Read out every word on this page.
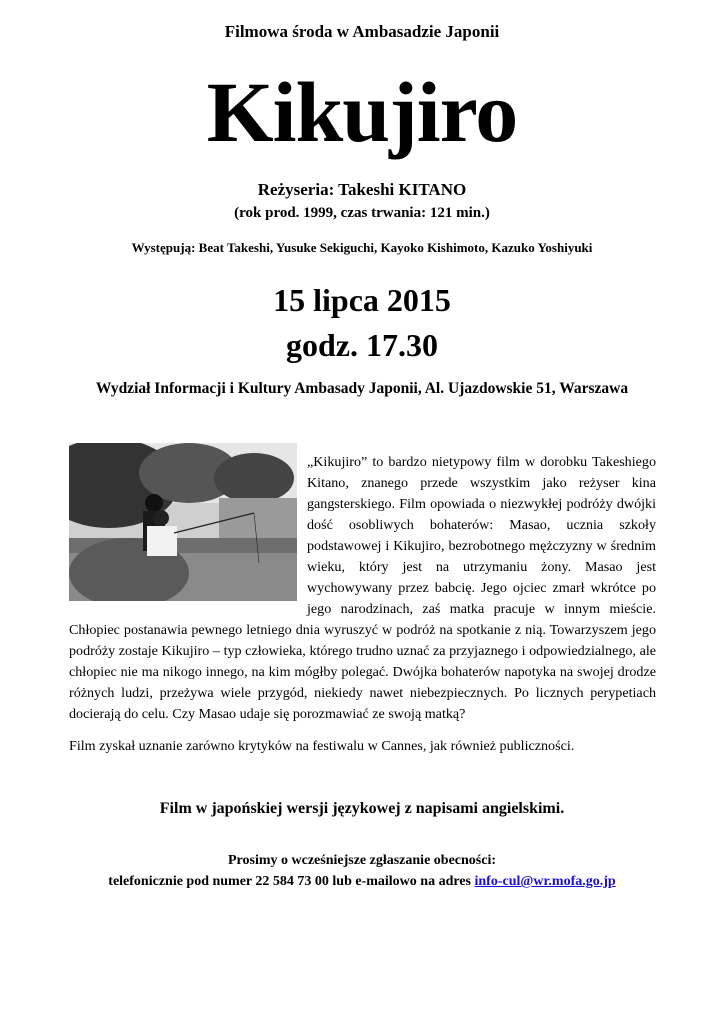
Filmowa środa w Ambasadzie Japonii
Kikujiro
Reżyseria: Takeshi KITANO
(rok prod. 1999, czas trwania: 121 min.)
Występują: Beat Takeshi, Yusuke Sekiguchi, Kayoko Kishimoto, Kazuko Yoshiyuki
15 lipca 2015
godz. 17.30
Wydział Informacji i Kultury Ambasady Japonii, Al. Ujazdowskie 51, Warszawa
„Kikujiro” to bardzo nietypowy film w dorobku Takeshiego Kitano, znanego przede wszystkim jako reżyser kina gangsterskiego. Film opowiada o niezwykłej podróży dwójki dość osobliwych bohaterów: Masao, ucznia szkoły podstawowej i Kikujiro, bezrobotnego mężczyzny w średnim wieku, który jest na utrzymaniu żony. Masao jest wychowywany przez babcię. Jego ojciec zmarł wkrótce po jego narodzinach, zaś matka pracuje w innym mieście. Chłopiec postanawia pewnego letniego dnia wyruszyć w podróż na spotkanie z nią. Towarzyszem jego podróży zostaje Kikujiro – typ człowieka, którego trudno uznać za przyjaznego i odpowiedzialnego, ale chłopiec nie ma nikogo innego, na kim mógłby polegać. Dwójka bohaterów napotyka na swojej drodze różnych ludzi, przeżywa wiele przygód, niekiedy nawet niebezpiecznych. Po licznych perypetiach docierają do celu. Czy Masao udaje się porozmawiać ze swoją matką?
Film zyskał uznanie zarówno krytyków na festiwalu w Cannes, jak również publiczności.
Film w japońskiej wersji językowej z napisami angielskimi.
Prosimy o wcześniejsze zgłaszanie obecności:
telefonicznie pod numer 22 584 73 00 lub e-mailowo na adres info-cul@wr.mofa.go.jp
